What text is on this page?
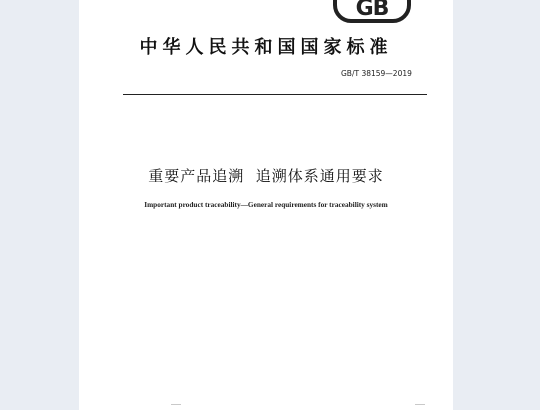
GB
中华人民共和国国家标准
GB/T 38159—2019
重要产品追溯  追溯体系通用要求
Important product traceability—General requirements for traceability system
